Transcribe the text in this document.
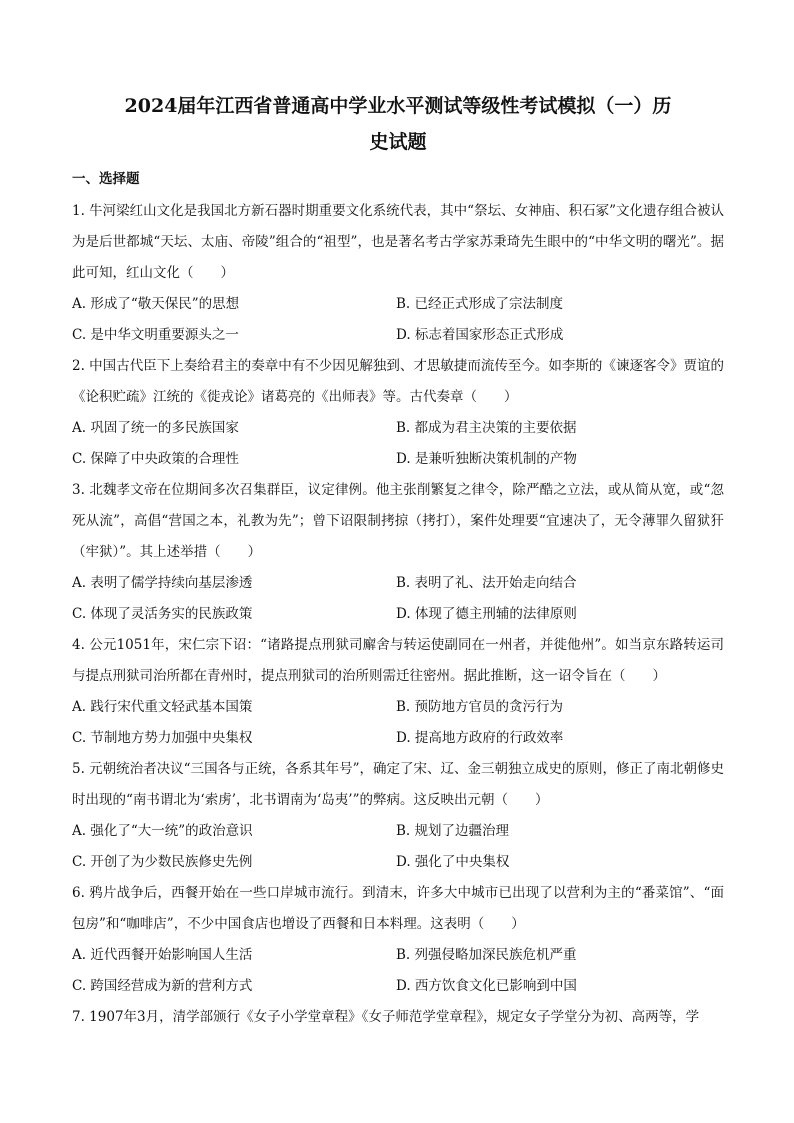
2024届年江西省普通高中学业水平测试等级性考试模拟（一）历
史试题
一、选择题

1. 牛河梁红山文化是我国北方新石器时期重要文化系统代表，其中“祭坛、女神庙、积石冢”文化遗存组合被认为是后世都城“天坛、太庙、帝陵”组合的“祖型”，也是著名考古学家苏秉琦先生眼中的“中华文明的曙光”。据此可知，红山文化（　　）

A. 形成了“敬天保民”的思想	B. 已经正式形成了宗法制度
C. 是中华文明重要源头之一	D. 标志着国家形态正式形成

2. 中国古代臣下上奏给君主的奏章中有不少因见解独到、才思敏捷而流传至今。如李斯的《谏逐客令》贾谊的《论积贮疏》江统的《徙戎论》诸葛亮的《出师表》等。古代奏章（　　）

A. 巩固了统一的多民族国家	B. 都成为君主决策的主要依据
C. 保障了中央政策的合理性	D. 是兼听独断决策机制的产物

3. 北魏孝文帝在位期间多次召集群臣，议定律例。他主张削繁复之律令，除严酷之立法，或从简从宽，或“忽死从流”，高倡“营国之本，礼教为先”；曾下诏限制拷掠（拷打），案件处理要“宜速决了，无令薄罪久留狱犴（牢狱）”。其上述举措（　　）

A. 表明了儒学持续向基层渗透	B. 表明了礼、法开始走向结合
C. 体现了灵活务实的民族政策	D. 体现了德主刑辅的法律原则

4. 公元1051年，宋仁宗下诏：“诸路提点刑狱司廨舍与转运使副同在一州者，并徙他州”。如当京东路转运司与提点刑狱司治所都在青州时，提点刑狱司的治所则需迁往密州。据此推断，这一诏令旨在（　　）

A. 践行宋代重文轻武基本国策	B. 预防地方官员的贪污行为
C. 节制地方势力加强中央集权	D. 提高地方政府的行政效率

5. 元朝统治者决议“三国各与正统，各系其年号”，确定了宋、辽、金三朝独立成史的原则，修正了南北朝修史时出现的“南书谓北为‘索虏’，北书谓南为‘岛夷’”的弊病。这反映出元朝（　　）

A. 强化了“大一统”的政治意识	B. 规划了边疆治理
C. 开创了为少数民族修史先例	D. 强化了中央集权

6. 鸦片战争后，西餐开始在一些口岸城市流行。到清末，许多大中城市已出现了以营利为主的“番菜馆”、“面包房”和“咖啡店”，不少中国食店也增设了西餐和日本料理。这表明（　　）

A. 近代西餐开始影响国人生活	B. 列强侵略加深民族危机严重
C. 跨国经营成为新的营利方式	D. 西方饮食文化已影响到中国

7. 1907年3月，清学部颁行《女子小学堂章程》《女子师范学堂章程》，规定女子学堂分为初、高两等，学
